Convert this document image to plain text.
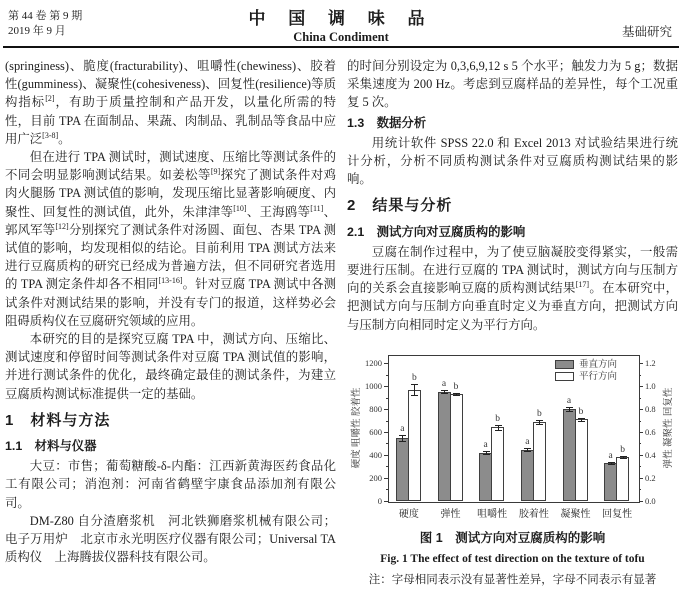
第 44 卷 第 9 期
2019 年 9 月
中 国 调 味 品
China Condiment	基础研究

(springiness)、脆度(fracturability)、咀嚼性(chewiness)、胶着性(gumminess)、凝聚性(cohesiveness)、回复性(resilience)等质构指标[2]，有助于质量控制和产品开发，以量化所需的特性，目前 TPA 在面制品、果蔬、肉制品、乳制品等食品中应用广泛[3-8]。

但在进行 TPA 测试时，测试速度、压缩比等测试条件的不同会明显影响测试结果。如姜松等[9]探究了测试条件对鸡肉火腿肠 TPA 测试值的影响，发现压缩比显著影响硬度、内聚性、回复性的测试值，此外，朱津津等[10]、王海鸥等[11]、郭风军等[12]分别探究了测试条件对汤圆、面包、杏果 TPA 测试值的影响，均发现相似的结论。目前利用 TPA 测试方法来进行豆腐质构的研究已经成为普遍方法，但不同研究者选用的 TPA 测定条件却各不相同[13-16]。针对豆腐 TPA 测试中各测试条件对测试结果的影响，并没有专门的报道，这样势必会阻碍质构仪在豆腐研究领域的应用。

本研究的目的是探究豆腐 TPA 中，测试方向、压缩比、测试速度和停留时间等测试条件对豆腐 TPA 测试值的影响，并进行测试条件的优化，最终确定最佳的测试条件，为建立豆腐质构测试标准提供一定的基础。

1　材料与方法
1.1　材料与仪器

大豆：市售；葡萄糖酸-δ-内酯：江西新黄海医药食品化工有限公司；消泡剂：河南省鹤壁宇康食品添加剂有限公司。

DM-Z80 自分渣磨浆机　河北铁狮磨浆机械有限公司；电子万用炉　北京市永光明医疗仪器有限公司；Universal TA 质构仪　上海腾拔仪器科技有限公司。

的时间分别设定为 0,3,6,9,12 s 5 个水平；触发力为 5 g；数据采集速度为 200 Hz。考虑到豆腐样品的差异性，每个工况重复 5 次。

1.3　数据分析

用统计软件 SPSS 22.0 和 Excel 2013 对试验结果进行统计分析，分析不同质构测试条件对豆腐质构测试结果的影响。

2　结果与分析
2.1　测试方向对豆腐质构的影响

豆腐在制作过程中，为了使豆脑凝胶变得紧实，一般需要进行压制。在进行豆腐的 TPA 测试时，测试方向与压制方向的关系会直接影响豆腐的质构测试结果[17]。在本研究中，把测试方向与压制方向垂直时定义为垂直方向，把测试方向与压制方向相同时定义为平行方向。

0
200
400
600
800
1000
1200
硬度 咀嚼性 胶着性
0.0
0.2
0.4
0.6
0.8
1.0
1.2
弹性 凝聚性 回复性
a
b
硬度
a b
弹性
a
b
咀嚼性
a
b
胶着性
a
b
凝聚性
a
b
回复性
垂直方向
平行方向
图 1　测试方向对豆腐质构的影响
Fig. 1 The effect of test direction on the texture of tofu
注：字母相同表示没有显著性差异，字母不同表示有显著
